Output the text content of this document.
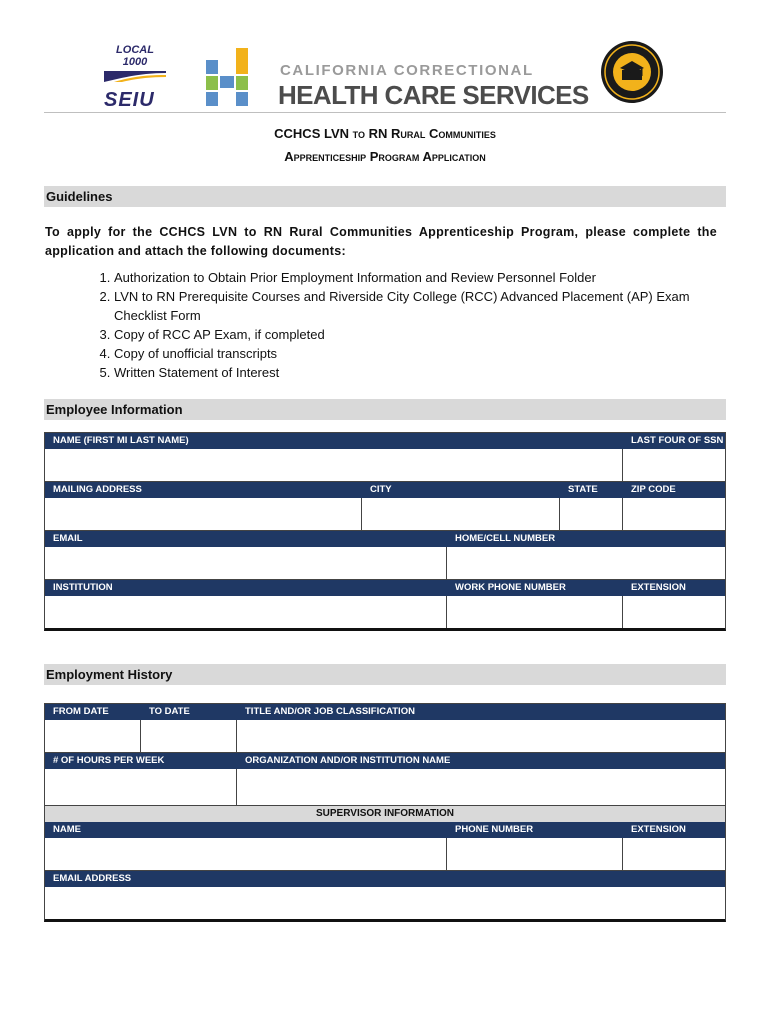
LOCAL 1000
SEIU
CALIFORNIA CORRECTIONAL
HEALTH CARE SERVICES
CCHCS LVN to RN Rural Communities
Apprenticeship Program Application
Guidelines
To apply for the CCHCS LVN to RN Rural Communities Apprenticeship Program, please complete the application and attach the following documents:
1. Authorization to Obtain Prior Employment Information and Review Personnel Folder
2. LVN to RN Prerequisite Courses and Riverside City College (RCC) Advanced Placement (AP) Exam Checklist Form
3. Copy of RCC AP Exam, if completed
4. Copy of unofficial transcripts
5. Written Statement of Interest
Employee Information
NAME (FIRST MI LAST NAME)	LAST FOUR OF SSN
MAILING ADDRESS	CITY	STATE	ZIP CODE
EMAIL	HOME/CELL NUMBER
INSTITUTION	WORK PHONE NUMBER	EXTENSION
Employment History
FROM DATE	TO DATE	TITLE AND/OR JOB CLASSIFICATION
# OF HOURS PER WEEK	ORGANIZATION AND/OR INSTITUTION NAME
SUPERVISOR INFORMATION
NAME	PHONE NUMBER	EXTENSION
EMAIL ADDRESS
